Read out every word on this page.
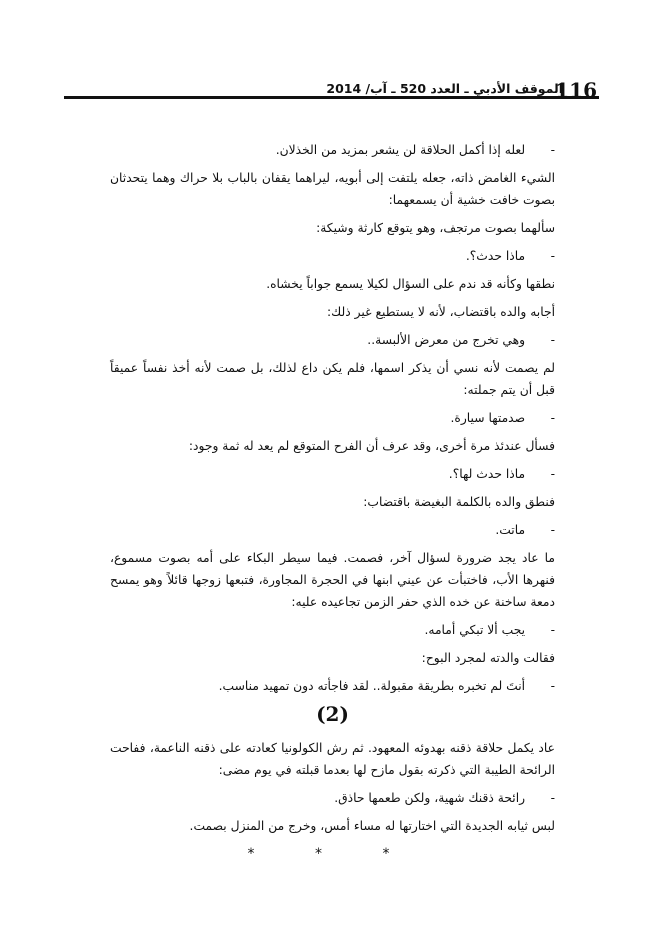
الموقف الأدبي ـ العدد 520 ـ آب/ 2014
116
- لعله إذا أكمل الحلاقة لن يشعر بمزيد من الخذلان.
الشيء الغامض ذاته، جعله يلتفت إلى أبويه، ليراهما يقفان بالباب بلا حراك وهما يتحدثان بصوت خافت خشية أن يسمعهما:
سألهما بصوت مرتجف، وهو يتوقع كارثة وشيكة:
- ماذا حدث؟.
نطقها وكأنه قد ندم على السؤال لكيلا يسمع جواباً يخشاه.
أجابه والده باقتضاب، لأنه لا يستطيع غير ذلك:
- وهي تخرج من معرض الألبسة..
لم يصمت لأنه نسي أن يذكر اسمها، فلم يكن داع لذلك، بل صمت لأنه أخذ نفساً عميقاً قبل أن يتم جملته:
- صدمتها سيارة.
فسأل عندئذ مرة أخرى، وقد عرف أن الفرح المتوقع لم يعد له ثمة وجود:
- ماذا حدث لها؟.
فنطق والده بالكلمة البغيضة باقتضاب:
- ماتت.
ما عاد يجد ضرورة لسؤال آخر، فصمت. فيما سيطر البكاء على أمه بصوت مسموع، فنهرها الأب، فاختبأت عن عيني ابنها في الحجرة المجاورة، فتبعها زوجها قائلاً وهو يمسح دمعة ساخنة عن خده الذي حفر الزمن تجاعيده عليه:
- يجب ألا تبكي أمامه.
فقالت والدته لمجرد البوح:
- أنتَ لم تخبره بطريقة مقبولة.. لقد فاجأته دون تمهيد مناسب.
(2)
عاد يكمل حلاقة ذقنه بهدوئه المعهود. ثم رش الكولونيا كعادته على ذقنه الناعمة، ففاحت الرائحة الطيبة التي ذكرته بقول مازح لها بعدما قبلته في يوم مضى:
- رائحة ذقنك شهية، ولكن طعمها حاذق.
لبس ثيابه الجديدة التي اختارتها له مساء أمس، وخرج من المنزل بصمت.
* * *
